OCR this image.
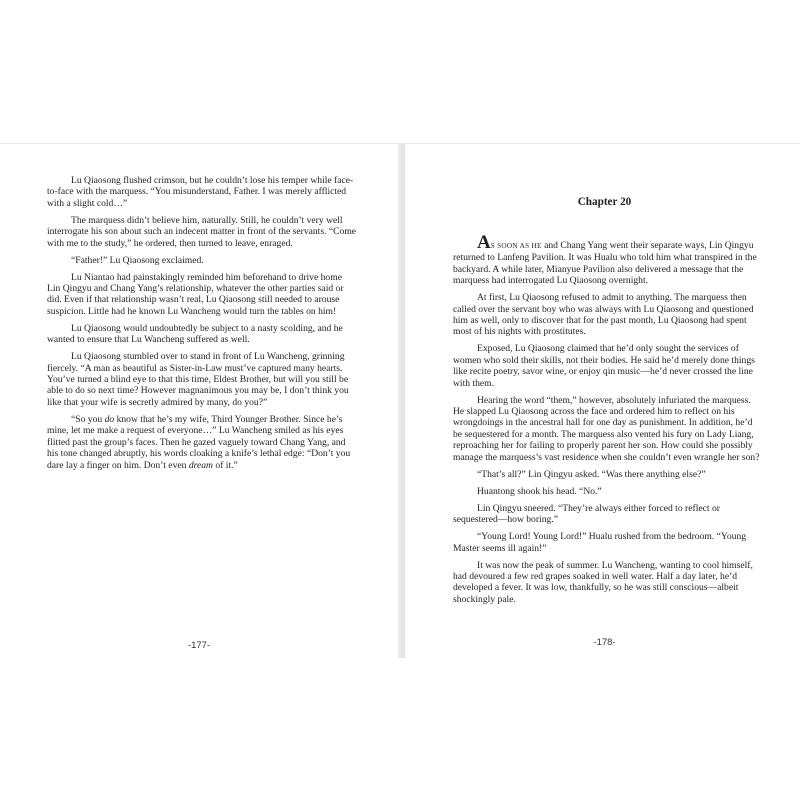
Lu Qiaosong flushed crimson, but he couldn’t lose his temper while face-to-face with the marquess. “You misunderstand, Father. I was merely afflicted with a slight cold…”

The marquess didn’t believe him, naturally. Still, he couldn’t very well interrogate his son about such an indecent matter in front of the servants. “Come with me to the study,” he ordered, then turned to leave, enraged.

“Father!” Lu Qiaosong exclaimed.

Lu Niantao had painstakingly reminded him beforehand to drive home Lin Qingyu and Chang Yang’s relationship, whatever the other parties said or did. Even if that relationship wasn’t real, Lu Qiaosong still needed to arouse suspicion. Little had he known Lu Wancheng would turn the tables on him!

Lu Qiaosong would undoubtedly be subject to a nasty scolding, and he wanted to ensure that Lu Wancheng suffered as well.

Lu Qiaosong stumbled over to stand in front of Lu Wancheng, grinning fiercely. “A man as beautiful as Sister-in-Law must’ve captured many hearts. You’ve turned a blind eye to that this time, Eldest Brother, but will you still be able to do so next time? However magnanimous you may be, I don’t think you like that your wife is secretly admired by many, do you?”

“So you do know that he’s my wife, Third Younger Brother. Since he’s mine, let me make a request of everyone…” Lu Wancheng smiled as his eyes flitted past the group’s faces. Then he gazed vaguely toward Chang Yang, and his tone changed abruptly, his words cloaking a knife’s lethal edge: “Don’t you dare lay a finger on him. Don’t even dream of it.”

-177-
Chapter 20

AS SOON AS HE and Chang Yang went their separate ways, Lin Qingyu returned to Lanfeng Pavilion. It was Hualu who told him what transpired in the backyard. A while later, Mianyue Pavilion also delivered a message that the marquess had interrogated Lu Qiaosong overnight.

At first, Lu Qiaosong refused to admit to anything. The marquess then called over the servant boy who was always with Lu Qiaosong and questioned him as well, only to discover that for the past month, Lu Qiaosong had spent most of his nights with prostitutes.

Exposed, Lu Qiaosong claimed that he’d only sought the services of women who sold their skills, not their bodies. He said he’d merely done things like recite poetry, savor wine, or enjoy qin music—he’d never crossed the line with them.

Hearing the word “them,” however, absolutely infuriated the marquess. He slapped Lu Qiaosong across the face and ordered him to reflect on his wrongdoings in the ancestral hall for one day as punishment. In addition, he’d be sequestered for a month. The marquess also vented his fury on Lady Liang, reproaching her for failing to properly parent her son. How could she possibly manage the marquess’s vast residence when she couldn’t even wrangle her son?

“That’s all?” Lin Qingyu asked. “Was there anything else?”

Huantong shook his head. “No.”

Lin Qingyu sneered. “They’re always either forced to reflect or sequestered—how boring.”

“Young Lord! Young Lord!” Hualu rushed from the bedroom. “Young Master seems ill again!”

It was now the peak of summer. Lu Wancheng, wanting to cool himself, had devoured a few red grapes soaked in well water. Half a day later, he’d developed a fever. It was low, thankfully, so he was still conscious—albeit shockingly pale.

-178-
